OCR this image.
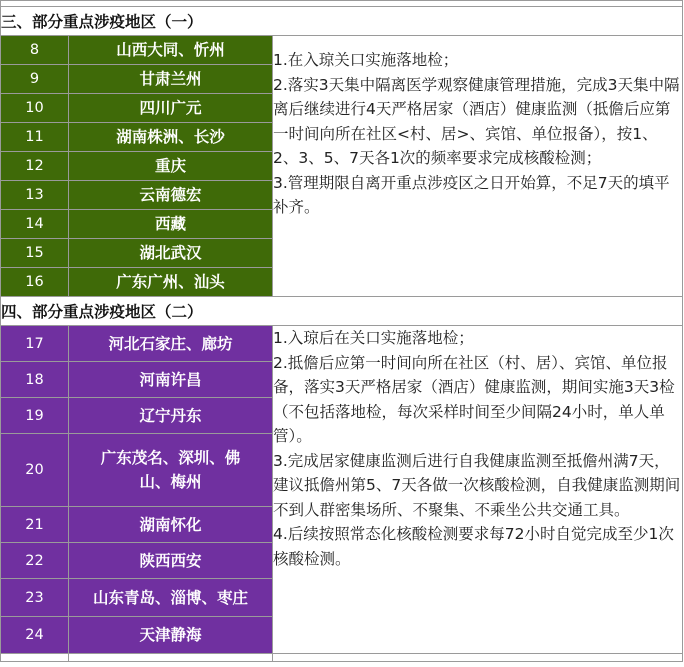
三、部分重点涉疫地区（一）		
8	山西大同、忻州	1.在入琼关口实施落地检；

2.落实3天集中隔离医学观察健康管理措施，完成3天集中隔离后继续进行4天严格居家（酒店）健康监测（抵儋后应第一时间向所在社区<村、居>、宾馆、单位报备），按1、2、3、5、7天各1次的频率要求完成核酸检测；

3.管理期限自离开重点涉疫区之日开始算，不足7天的填平补齐。

9	甘肃兰州	
10	四川广元	
11	湖南株洲、长沙	
12	重庆	
13	云南德宏	
14	西藏	
15	湖北武汉	
16	广东广州、汕头	
四、部分重点涉疫地区（二）		
17	河北石家庄、廊坊	1.入琼后在关口实施落地检；

2.抵儋后应第一时间向所在社区（村、居）、宾馆、单位报备，落实3天严格居家（酒店）健康监测，期间实施3天3检（不包括落地检，每次采样时间至少间隔24小时，单人单管）。

3.完成居家健康监测后进行自我健康监测至抵儋州满7天，建议抵儋州第5、7天各做一次核酸检测，自我健康监测期间不到人群密集场所、不聚集、不乘坐公共交通工具。

4.后续按照常态化核酸检测要求每72小时自觉完成至少1次核酸检测。

18	河南许昌	
19	辽宁丹东	
20	广东茂名、深圳、佛山、梅州	
21	湖南怀化	
22	陕西西安	
23	山东青岛、淄博、枣庄	
24	天津静海	
